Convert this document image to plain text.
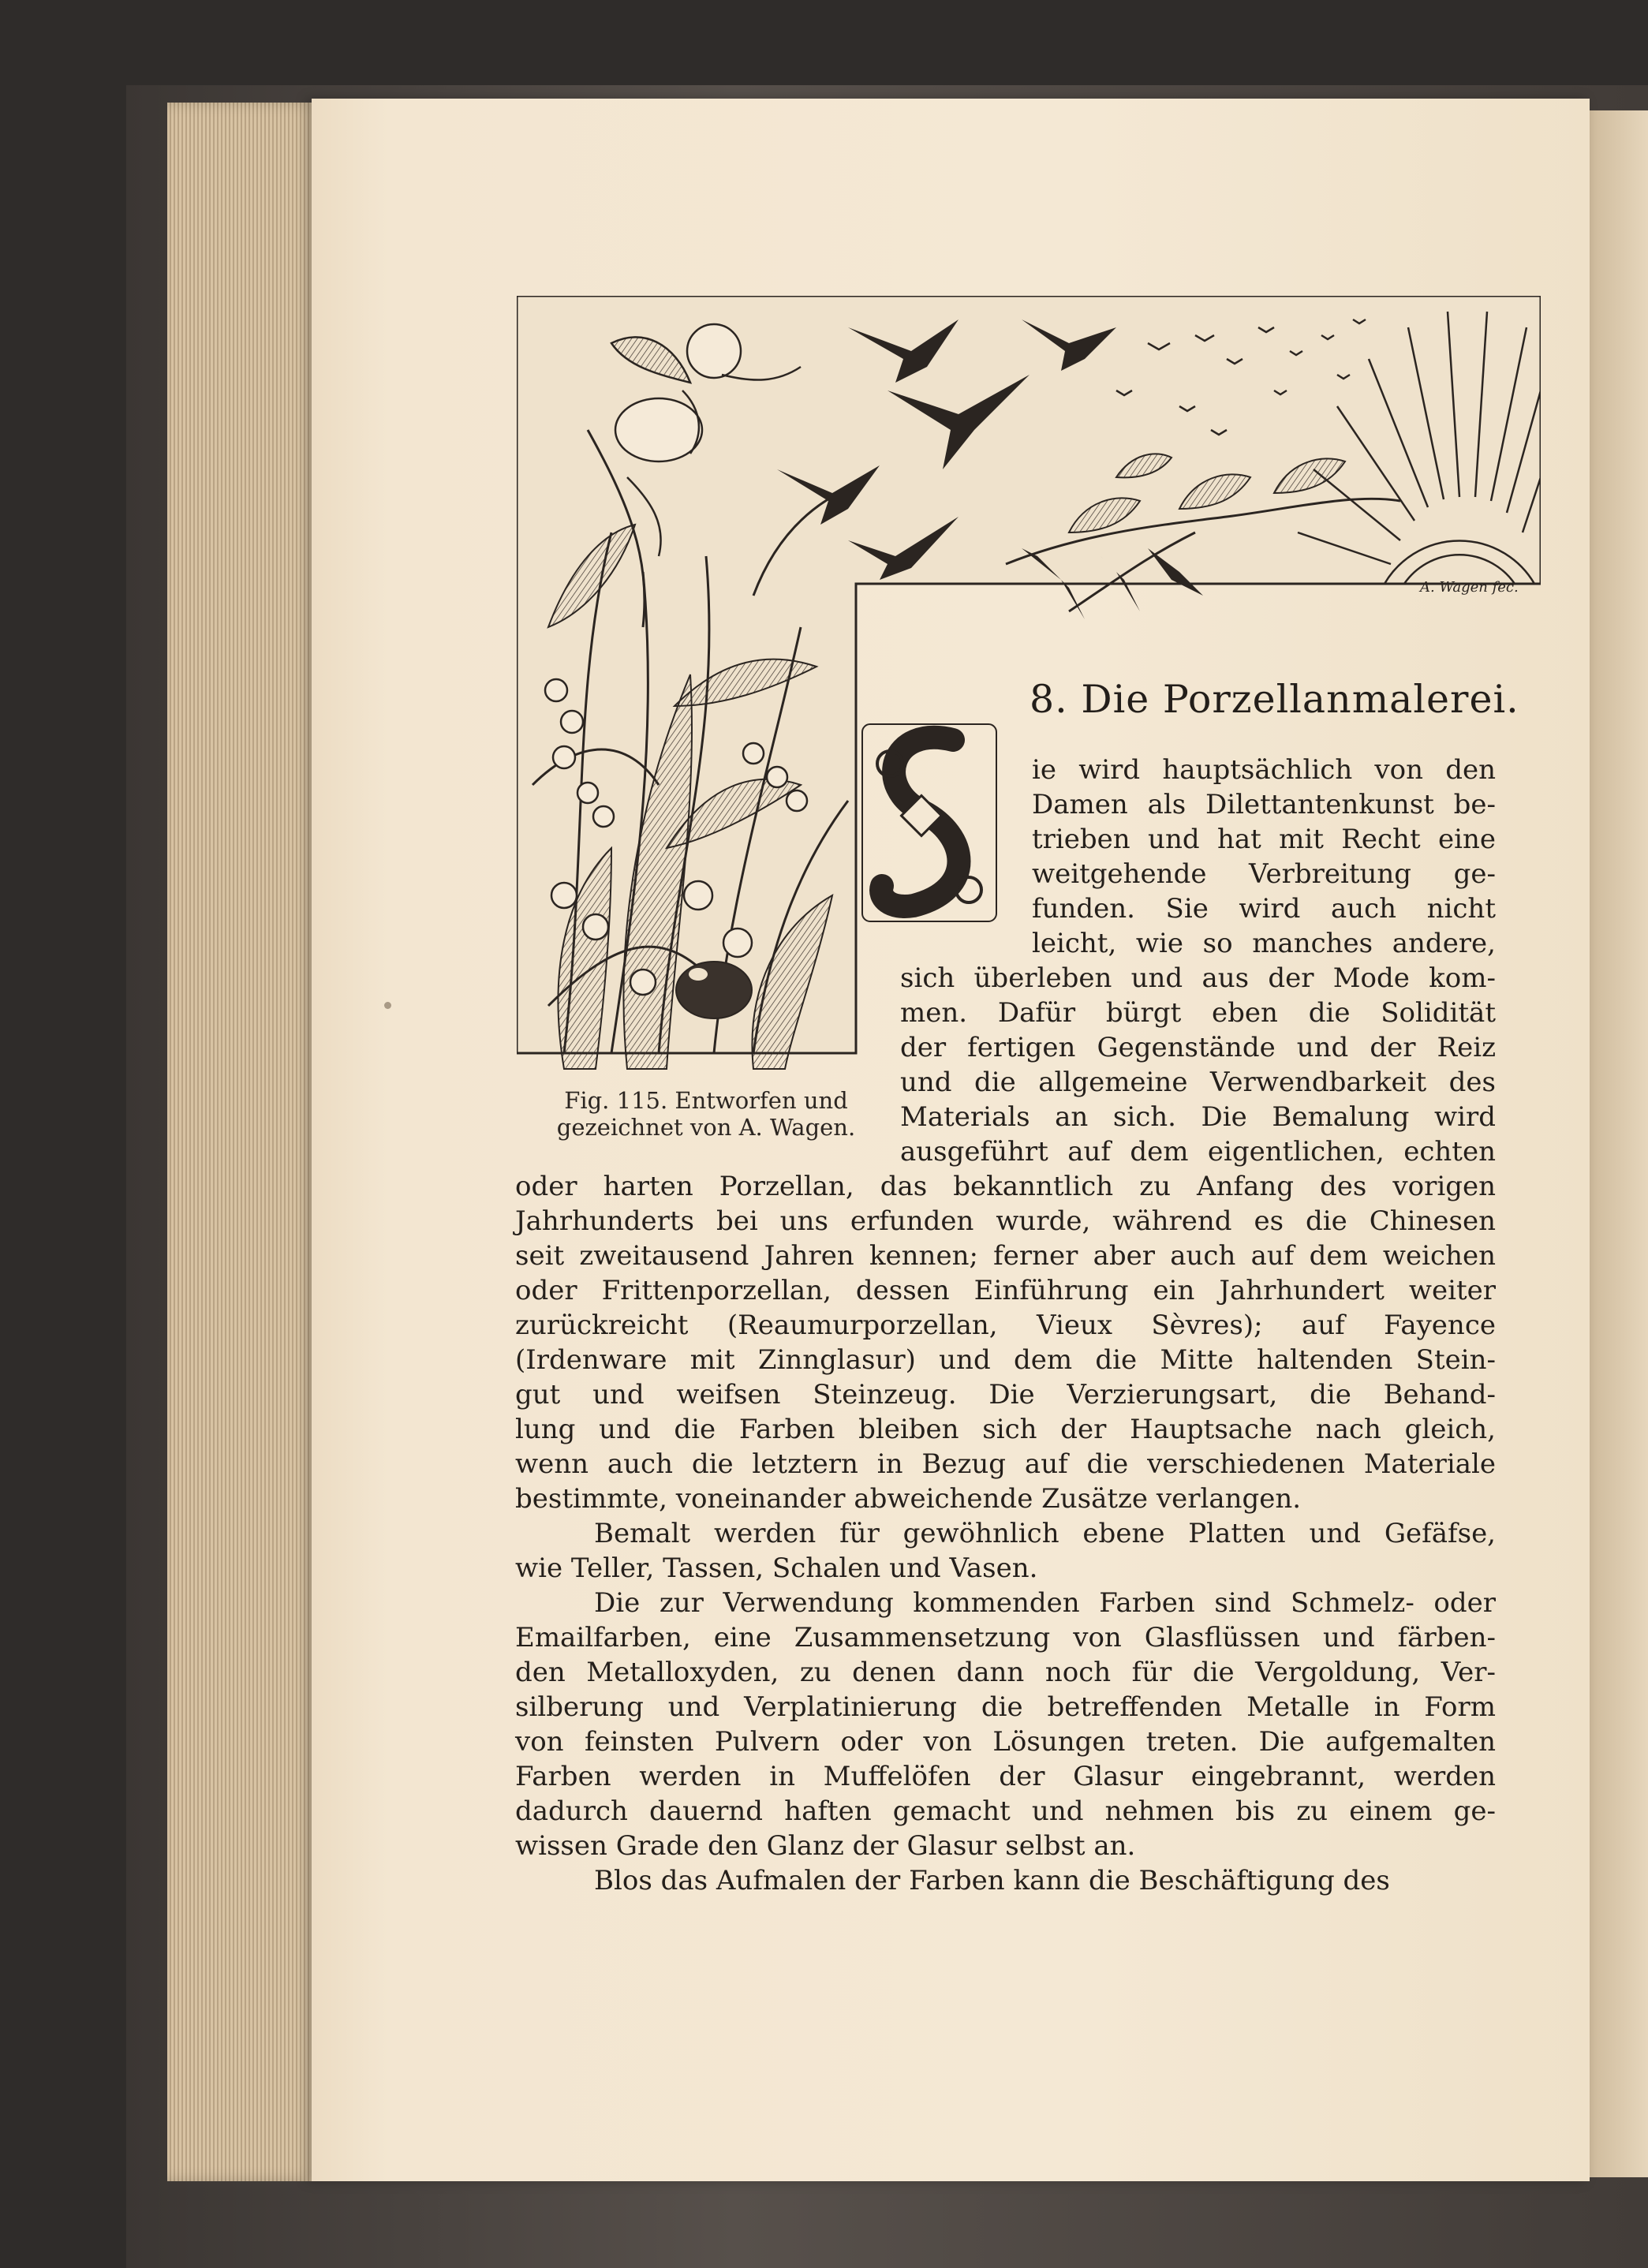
A. Wagen fec.
Fig. 115. Entworfen und
gezeichnet von A. Wagen.
8. Die Porzellanmalerei.
ie wird hauptsächlich von den
Damen als Dilettantenkunst be-
trieben und hat mit Recht eine
weitgehende Verbreitung ge-
funden. Sie wird auch nicht
leicht, wie so manches andere,
sich überleben und aus der Mode kom-
men. Dafür bürgt eben die Solidität
der fertigen Gegenstände und der Reiz
und die allgemeine Verwendbarkeit des
Materials an sich. Die Bemalung wird
ausgeführt auf dem eigentlichen, echten
oder harten Porzellan, das bekanntlich zu Anfang des vorigen
Jahrhunderts bei uns erfunden wurde, während es die Chinesen
seit zweitausend Jahren kennen; ferner aber auch auf dem weichen
oder Frittenporzellan, dessen Einführung ein Jahrhundert weiter
zurückreicht (Reaumurporzellan, Vieux Sèvres); auf Fayence
(Irdenware mit Zinnglasur) und dem die Mitte haltenden Stein-
gut und weifsen Steinzeug. Die Verzierungsart, die Behand-
lung und die Farben bleiben sich der Hauptsache nach gleich,
wenn auch die letztern in Bezug auf die verschiedenen Materiale
bestimmte, voneinander abweichende Zusätze verlangen.
Bemalt werden für gewöhnlich ebene Platten und Gefäfse,
wie Teller, Tassen, Schalen und Vasen.
Die zur Verwendung kommenden Farben sind Schmelz- oder
Emailfarben, eine Zusammensetzung von Glasflüssen und färben-
den Metalloxyden, zu denen dann noch für die Vergoldung, Ver-
silberung und Verplatinierung die betreffenden Metalle in Form
von feinsten Pulvern oder von Lösungen treten. Die aufgemalten
Farben werden in Muffelöfen der Glasur eingebrannt, werden
dadurch dauernd haften gemacht und nehmen bis zu einem ge-
wissen Grade den Glanz der Glasur selbst an.
Blos das Aufmalen der Farben kann die Beschäftigung des
